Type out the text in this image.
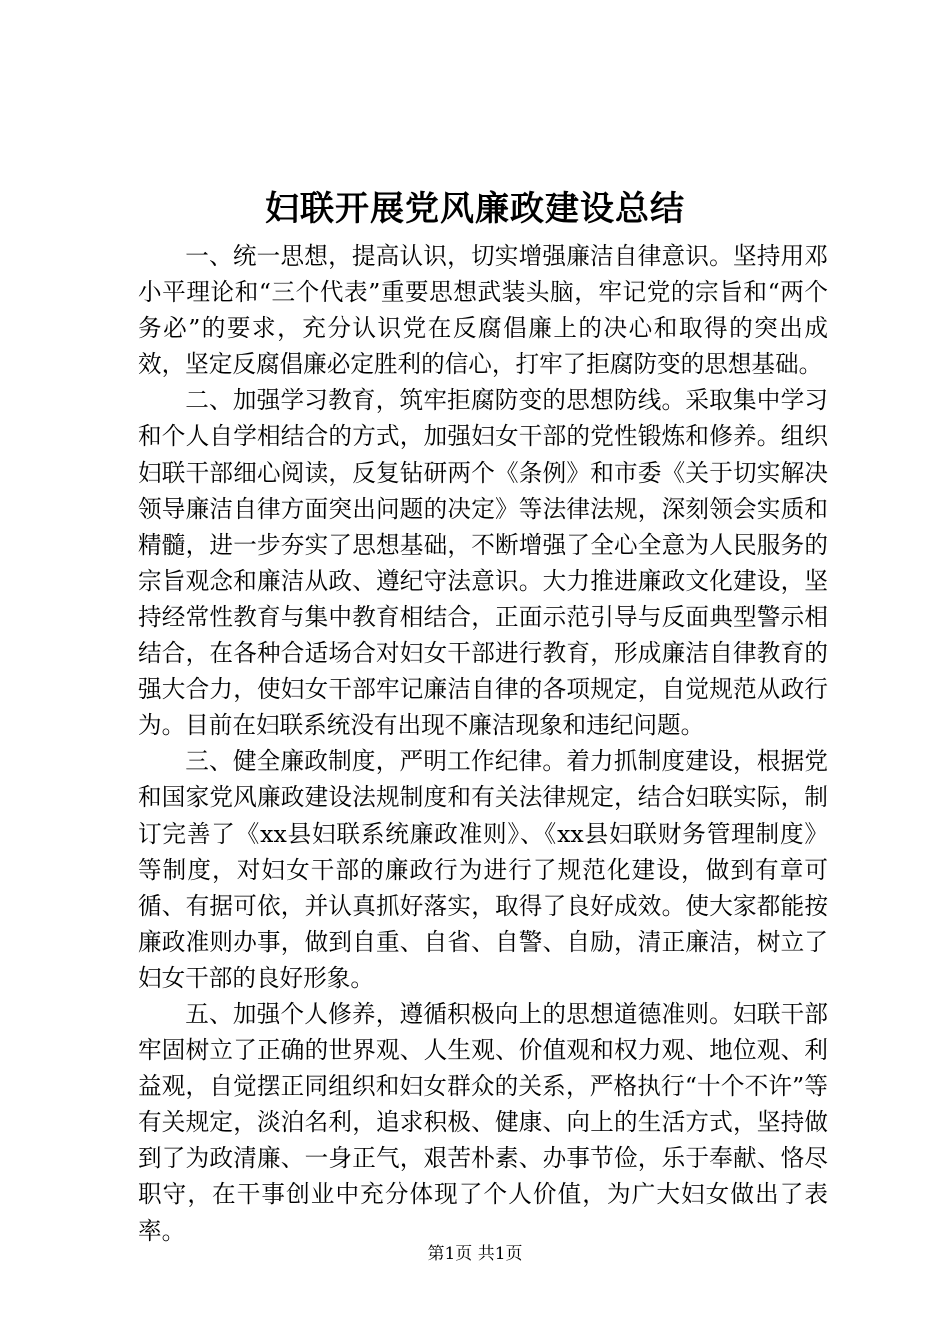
妇联开展党风廉政建设总结

一、统一思想，提高认识，切实增强廉洁自律意识。坚持用邓小平理论和“三个代表”重要思想武装头脑，牢记党的宗旨和“两个务必”的要求，充分认识党在反腐倡廉上的决心和取得的突出成效，坚定反腐倡廉必定胜利的信心，打牢了拒腐防变的思想基础。

二、加强学习教育，筑牢拒腐防变的思想防线。采取集中学习和个人自学相结合的方式，加强妇女干部的党性锻炼和修养。组织妇联干部细心阅读，反复钻研两个《条例》和市委《关于切实解决领导廉洁自律方面突出问题的决定》等法律法规，深刻领会实质和精髓，进一步夯实了思想基础，不断增强了全心全意为人民服务的宗旨观念和廉洁从政、遵纪守法意识。大力推进廉政文化建设，坚持经常性教育与集中教育相结合，正面示范引导与反面典型警示相结合，在各种合适场合对妇女干部进行教育，形成廉洁自律教育的强大合力，使妇女干部牢记廉洁自律的各项规定，自觉规范从政行为。目前在妇联系统没有出现不廉洁现象和违纪问题。

三、健全廉政制度，严明工作纪律。着力抓制度建设，根据党和国家党风廉政建设法规制度和有关法律规定，结合妇联实际，制订完善了《xx县妇联系统廉政准则》、《xx县妇联财务管理制度》等制度，对妇女干部的廉政行为进行了规范化建设，做到有章可循、有据可依，并认真抓好落实，取得了良好成效。使大家都能按廉政准则办事，做到自重、自省、自警、自励，清正廉洁，树立了妇女干部的良好形象。

五、加强个人修养，遵循积极向上的思想道德准则。妇联干部牢固树立了正确的世界观、人生观、价值观和权力观、地位观、利益观，自觉摆正同组织和妇女群众的关系，严格执行“十个不许”等有关规定，淡泊名利，追求积极、健康、向上的生活方式，坚持做到了为政清廉、一身正气，艰苦朴素、办事节俭，乐于奉献、恪尽职守，在干事创业中充分体现了个人价值，为广大妇女做出了表率。

第1页 共1页
